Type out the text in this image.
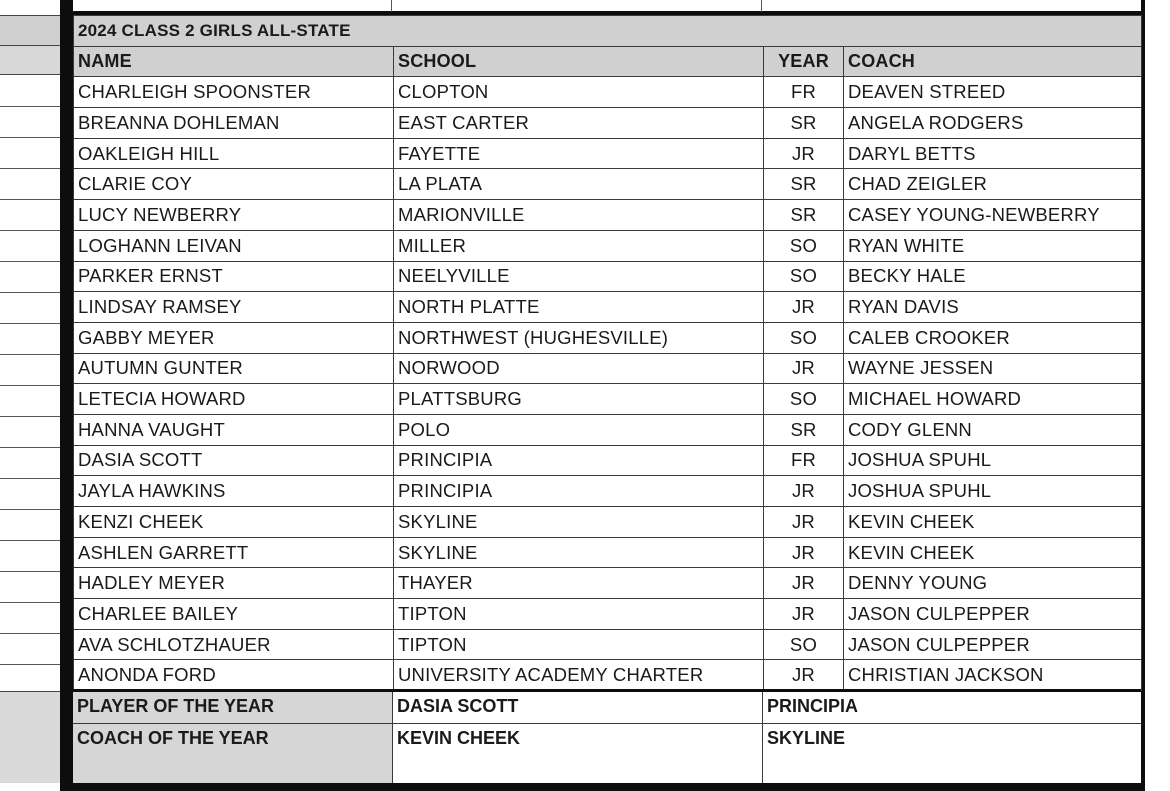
2024 CLASS 2 GIRLS ALL-STATE			
NAME	SCHOOL	YEAR	COACH
CHARLEIGH SPOONSTER	CLOPTON	FR	DEAVEN STREED
BREANNA DOHLEMAN	EAST CARTER	SR	ANGELA RODGERS
OAKLEIGH HILL	FAYETTE	JR	DARYL BETTS
CLARIE COY	LA PLATA	SR	CHAD ZEIGLER
LUCY NEWBERRY	MARIONVILLE	SR	CASEY YOUNG-NEWBERRY
LOGHANN LEIVAN	MILLER	SO	RYAN WHITE
PARKER ERNST	NEELYVILLE	SO	BECKY HALE
LINDSAY RAMSEY	NORTH PLATTE	JR	RYAN DAVIS
GABBY MEYER	NORTHWEST (HUGHESVILLE)	SO	CALEB CROOKER
AUTUMN GUNTER	NORWOOD	JR	WAYNE JESSEN
LETECIA HOWARD	PLATTSBURG	SO	MICHAEL HOWARD
HANNA VAUGHT	POLO	SR	CODY GLENN
DASIA SCOTT	PRINCIPIA	FR	JOSHUA SPUHL
JAYLA HAWKINS	PRINCIPIA	JR	JOSHUA SPUHL
KENZI CHEEK	SKYLINE	JR	KEVIN CHEEK
ASHLEN GARRETT	SKYLINE	JR	KEVIN CHEEK
HADLEY MEYER	THAYER	JR	DENNY YOUNG
CHARLEE BAILEY	TIPTON	JR	JASON CULPEPPER
AVA SCHLOTZHAUER	TIPTON	SO	JASON CULPEPPER
ANONDA FORD	UNIVERSITY ACADEMY CHARTER	JR	CHRISTIAN JACKSON
PLAYER OF THE YEAR	DASIA SCOTT	PRINCIPIA
COACH OF THE YEAR	KEVIN CHEEK	SKYLINE
